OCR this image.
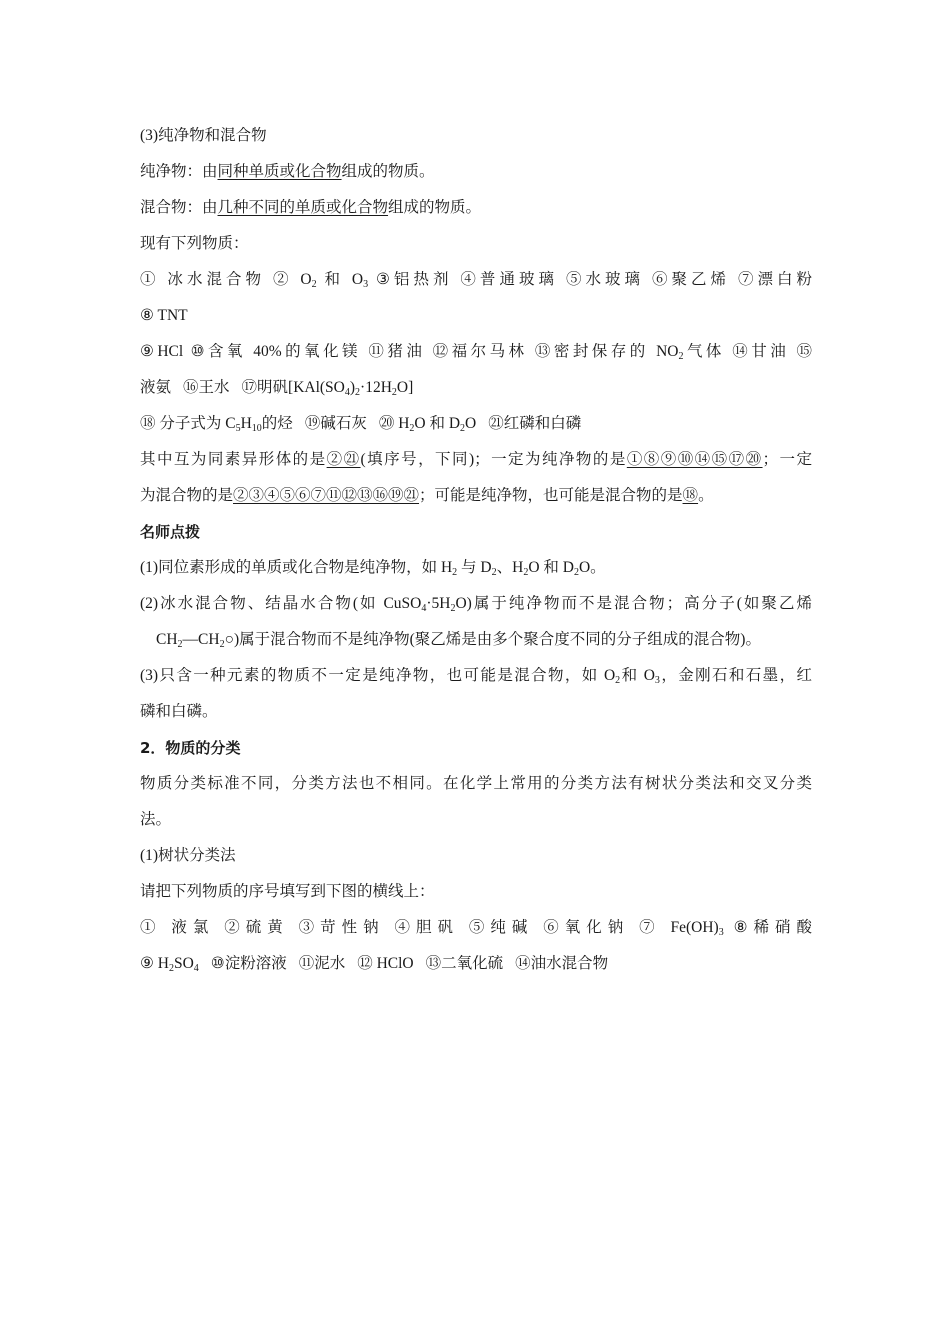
(3)纯净物和混合物
纯净物：由同种单质或化合物组成的物质。
混合物：由几种不同的单质或化合物组成的物质。
现有下列物质：
① 冰水混合物 ② $O_2$ 和 $O_3$ ③铝热剂 ④普通玻璃 ⑤水玻璃 ⑥聚乙烯 ⑦漂白粉
⑧ TNT
⑨HCl ⑩含氧 40%的氧化镁 ⑪猪油 ⑫福尔马林 ⑬密封保存的 $NO_2$气体 ⑭甘油 ⑮
液氨 ⑯王水 ⑰明矾$[KAl(SO_4)_2\cdot 12H_2O]$
⑱ 分子式为 $C_5H_{10}$的烃 ⑲碱石灰 ⑳ $H_2O$ 和 $D_2O$ ㉑红磷和白磷
其中互为同素异形体的是②㉑(填序号，下同)；一定为纯净物的是①⑧⑨⑩⑭⑮⑰⑳；一定
为混合物的是②③④⑤⑥⑦⑪⑫⑬⑯⑲㉑；可能是纯净物，也可能是混合物的是⑱。
名师点拨
(1)同位素形成的单质或化合物是纯净物，如 $H_2$ 与 $D_2$、$H_2O$ 和 $D_2O$。
(2)冰水混合物、结晶水合物(如 $CuSO_4\cdot 5H_2O$)属于纯净物而不是混合物；高分子(如聚乙烯
$CH_2—CH_2○$)属于混合物而不是纯净物(聚乙烯是由多个聚合度不同的分子组成的混合物)。
(3)只含一种元素的物质不一定是纯净物，也可能是混合物，如 $O_2$和 $O_3$，金刚石和石墨，红
磷和白磷。
2．物质的分类
物质分类标准不同，分类方法也不相同。在化学上常用的分类方法有树状分类法和交叉分类
法。
(1)树状分类法
请把下列物质的序号填写到下图的横线上：
① 液氯 ②硫黄 ③苛性钠 ④胆矾 ⑤纯碱 ⑥氧化钠 ⑦ $Fe(OH)_3$ ⑧稀硝酸
⑨ $H_2SO_4$ ⑩淀粉溶液 ⑪泥水 ⑫ HClO ⑬二氧化硫 ⑭油水混合物
